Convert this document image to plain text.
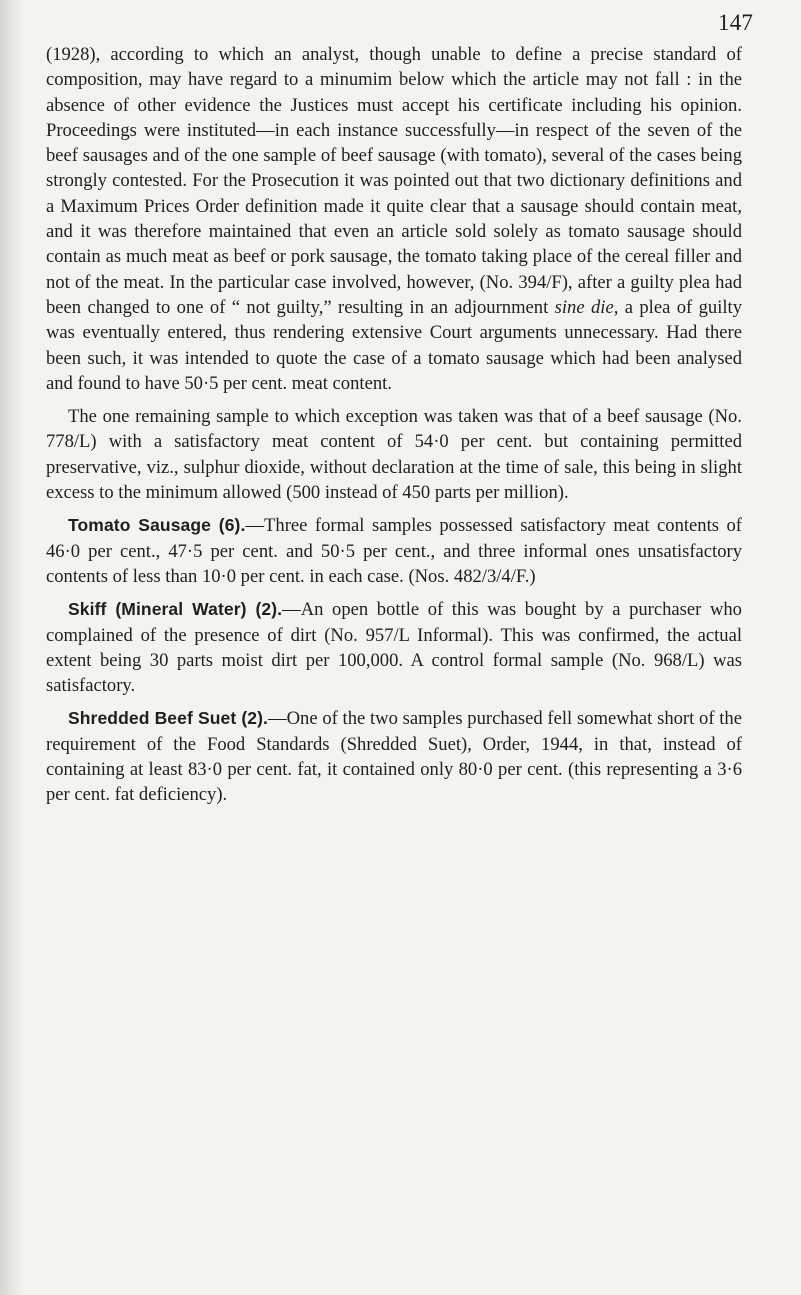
147

(1928), according to which an analyst, though unable to define a precise standard of composition, may have regard to a minumim below which the article may not fall : in the absence of other evidence the Justices must accept his certificate including his opinion. Proceedings were instituted—in each instance successfully—in respect of the seven of the beef sausages and of the one sample of beef sausage (with tomato), several of the cases being strongly contested. For the Prosecution it was pointed out that two dictionary definitions and a Maximum Prices Order definition made it quite clear that a sausage should contain meat, and it was therefore maintained that even an article sold solely as tomato sausage should contain as much meat as beef or pork sausage, the tomato taking place of the cereal filler and not of the meat. In the particular case involved, however, (No. 394/F), after a guilty plea had been changed to one of “ not guilty,” resulting in an adjournment sine die, a plea of guilty was eventually entered, thus rendering extensive Court arguments unnecessary. Had there been such, it was intended to quote the case of a tomato sausage which had been analysed and found to have 50·5 per cent. meat content.

The one remaining sample to which exception was taken was that of a beef sausage (No. 778/L) with a satisfactory meat content of 54·0 per cent. but containing permitted preservative, viz., sulphur dioxide, without declaration at the time of sale, this being in slight excess to the minimum allowed (500 instead of 450 parts per million).

Tomato Sausage (6).—Three formal samples possessed satisfactory meat contents of 46·0 per cent., 47·5 per cent. and 50·5 per cent., and three informal ones unsatisfactory contents of less than 10·0 per cent. in each case. (Nos. 482/3/4/F.)

Skiff (Mineral Water) (2).—An open bottle of this was bought by a purchaser who complained of the presence of dirt (No. 957/L Informal). This was confirmed, the actual extent being 30 parts moist dirt per 100,000. A control formal sample (No. 968/L) was satisfactory.

Shredded Beef Suet (2).—One of the two samples purchased fell somewhat short of the requirement of the Food Standards (Shredded Suet), Order, 1944, in that, instead of containing at least 83·0 per cent. fat, it contained only 80·0 per cent. (this representing a 3·6 per cent. fat deficiency).
